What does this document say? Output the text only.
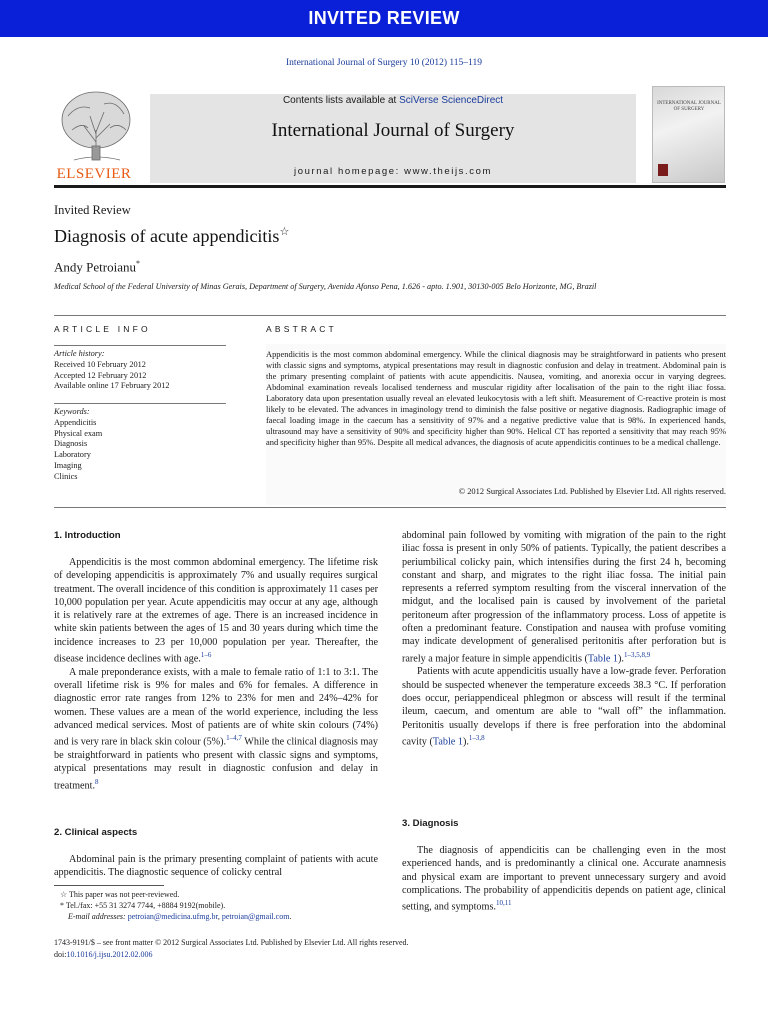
INVITED REVIEW
International Journal of Surgery 10 (2012) 115–119
ELSEVIER
Contents lists available at SciVerse ScienceDirect
International Journal of Surgery
journal homepage: www.theijs.com
INTERNATIONAL JOURNAL OF SURGERY
Invited Review
Diagnosis of acute appendicitis☆
Andy Petroianu*
Medical School of the Federal University of Minas Gerais, Department of Surgery, Avenida Afonso Pena, 1.626 - apto. 1.901, 30130-005 Belo Horizonte, MG, Brazil
ARTICLE INFO	ABSTRACT
Article history:
Received 10 February 2012
Accepted 12 February 2012
Available online 17 February 2012
Keywords:
Appendicitis
Physical exam
Diagnosis
Laboratory
Imaging
Clinics
Appendicitis is the most common abdominal emergency. While the clinical diagnosis may be straightforward in patients who present with classic signs and symptoms, atypical presentations may result in diagnostic confusion and delay in treatment. Abdominal pain is the primary presenting complaint of patients with acute appendicitis. Nausea, vomiting, and anorexia occur in varying degrees. Abdominal examination reveals localised tenderness and muscular rigidity after localisation of the pain to the right iliac fossa. Laboratory data upon presentation usually reveal an elevated leukocytosis with a left shift. Measurement of C-reactive protein is most likely to be elevated. The advances in imaginology trend to diminish the false positive or negative diagnosis. Radiographic image of faecal loading image in the caecum has a sensitivity of 97% and a negative predictive value that is 98%. In experienced hands, ultrasound may have a sensitivity of 90% and specificity higher than 90%. Helical CT has reported a sensitivity that may reach 95% and specificity higher than 95%. Despite all medical advances, the diagnosis of acute appendicitis continues to be a medical challenge.
© 2012 Surgical Associates Ltd. Published by Elsevier Ltd. All rights reserved.
1. Introduction

Appendicitis is the most common abdominal emergency. The lifetime risk of developing appendicitis is approximately 7% and usually requires surgical treatment. The overall incidence of this condition is approximately 11 cases per 10,000 population per year. Acute appendicitis may occur at any age, although it is relatively rare at the extremes of age. There is an increased incidence in white skin patients between the ages of 15 and 30 years during which time the incidence increases to 23 per 10,000 population per year. Thereafter, the disease incidence declines with age.$^{1-6}$

A male preponderance exists, with a male to female ratio of 1:1 to 3:1. The overall lifetime risk is 9% for males and 6% for females. A difference in diagnostic error rate ranges from 12% to 23% for men and 24%–42% for women. These values are a mean of the world experience, including the less advanced medical services. Most of patients are of white skin colours (74%) and is very rare in black skin colour (5%).$^{1-4,7}$ While the clinical diagnosis may be straightforward in patients who present with classic signs and symptoms, atypical presentations may result in diagnostic confusion and delay in treatment.$^8$

2. Clinical aspects

Abdominal pain is the primary presenting complaint of patients with acute appendicitis. The diagnostic sequence of colicky central

abdominal pain followed by vomiting with migration of the pain to the right iliac fossa is present in only 50% of patients. Typically, the patient describes a periumbilical colicky pain, which intensifies during the first 24 h, becoming constant and sharp, and migrates to the right iliac fossa. The initial pain represents a referred symptom resulting from the visceral innervation of the midgut, and the localised pain is caused by involvement of the parietal peritoneum after progression of the inflammatory process. Loss of appetite is often a predominant feature. Constipation and nausea with profuse vomiting may indicate development of generalised peritonitis after perforation but is rarely a major feature in simple appendicitis (Table 1).$^{1-3,5,8,9}$

Patients with acute appendicitis usually have a low-grade fever. Perforation should be suspected whenever the temperature exceeds 38.3 °C. If perforation does occur, periappendiceal phlegmon or abscess will result if the terminal ileum, caecum, and omentum are able to “wall off” the inflammation. Peritonitis usually develops if there is free perforation into the abdominal cavity (Table 1).$^{1-3,8}$

3. Diagnosis

The diagnosis of appendicitis can be challenging even in the most experienced hands, and is predominantly a clinical one. Accurate anamnesis and physical exam are important to prevent unnecessary surgery and avoid complications. The probability of appendicitis depends on patient age, clinical setting, and symptoms.$^{10,11}$

☆ This paper was not peer-reviewed.
* Tel./fax: +55 31 3274 7744, +8884 9192(mobile).
E-mail addresses: petroian@medicina.ufmg.br, petroian@gmail.com.
1743-9191/$ – see front matter © 2012 Surgical Associates Ltd. Published by Elsevier Ltd. All rights reserved.
doi:10.1016/j.ijsu.2012.02.006
